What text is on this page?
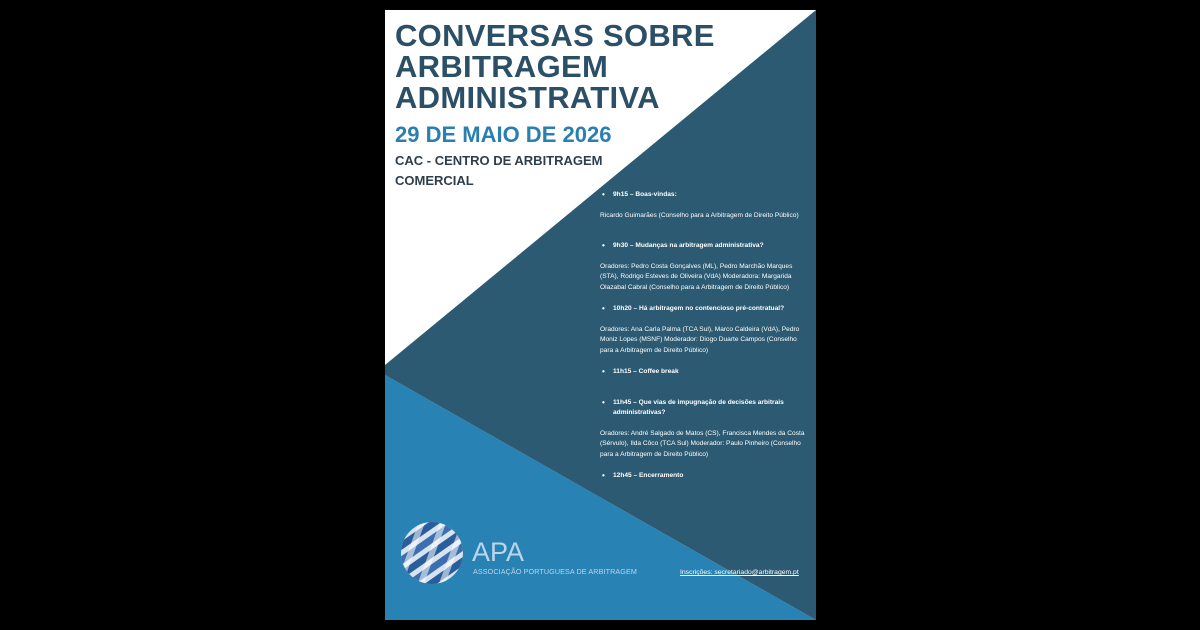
CONVERSAS SOBRE
ARBITRAGEM
ADMINISTRATIVA
29 DE MAIO DE 2026
CAC - CENTRO DE ARBITRAGEM COMERCIAL
• 9h15 – Boas-vindas:
Ricardo Guimarães (Conselho para a Arbitragem de Direito Público)
• 9h30 – Mudanças na arbitragem administrativa?
Oradores: Pedro Costa Gonçalves (ML), Pedro Marchão Marques (STA), Rodrigo Esteves de Oliveira (VdA) Moderadora: Margarida Olazabal Cabral (Conselho para a Arbitragem de Direito Público)
• 10h20 – Há arbitragem no contencioso pré-contratual?
Oradores: Ana Carla Palma (TCA Sul), Marco Caldeira (VdA), Pedro Moniz Lopes (MSNF) Moderador: Diogo Duarte Campos (Conselho para a Arbitragem de Direito Público)
• 11h15 – Coffee break
• 11h45 – Que vias de impugnação de decisões arbitrais administrativas?
Oradores: André Salgado de Matos (CS), Francisca Mendes da Costa (Sérvulo), Ilda Côco (TCA Sul) Moderador: Paulo Pinheiro (Conselho para a Arbitragem de Direito Público)
• 12h45 – Encerramento
APA
ASSOCIAÇÃO PORTUGUESA DE ARBITRAGEM	Inscrições: secretariado@arbitragem.pt
